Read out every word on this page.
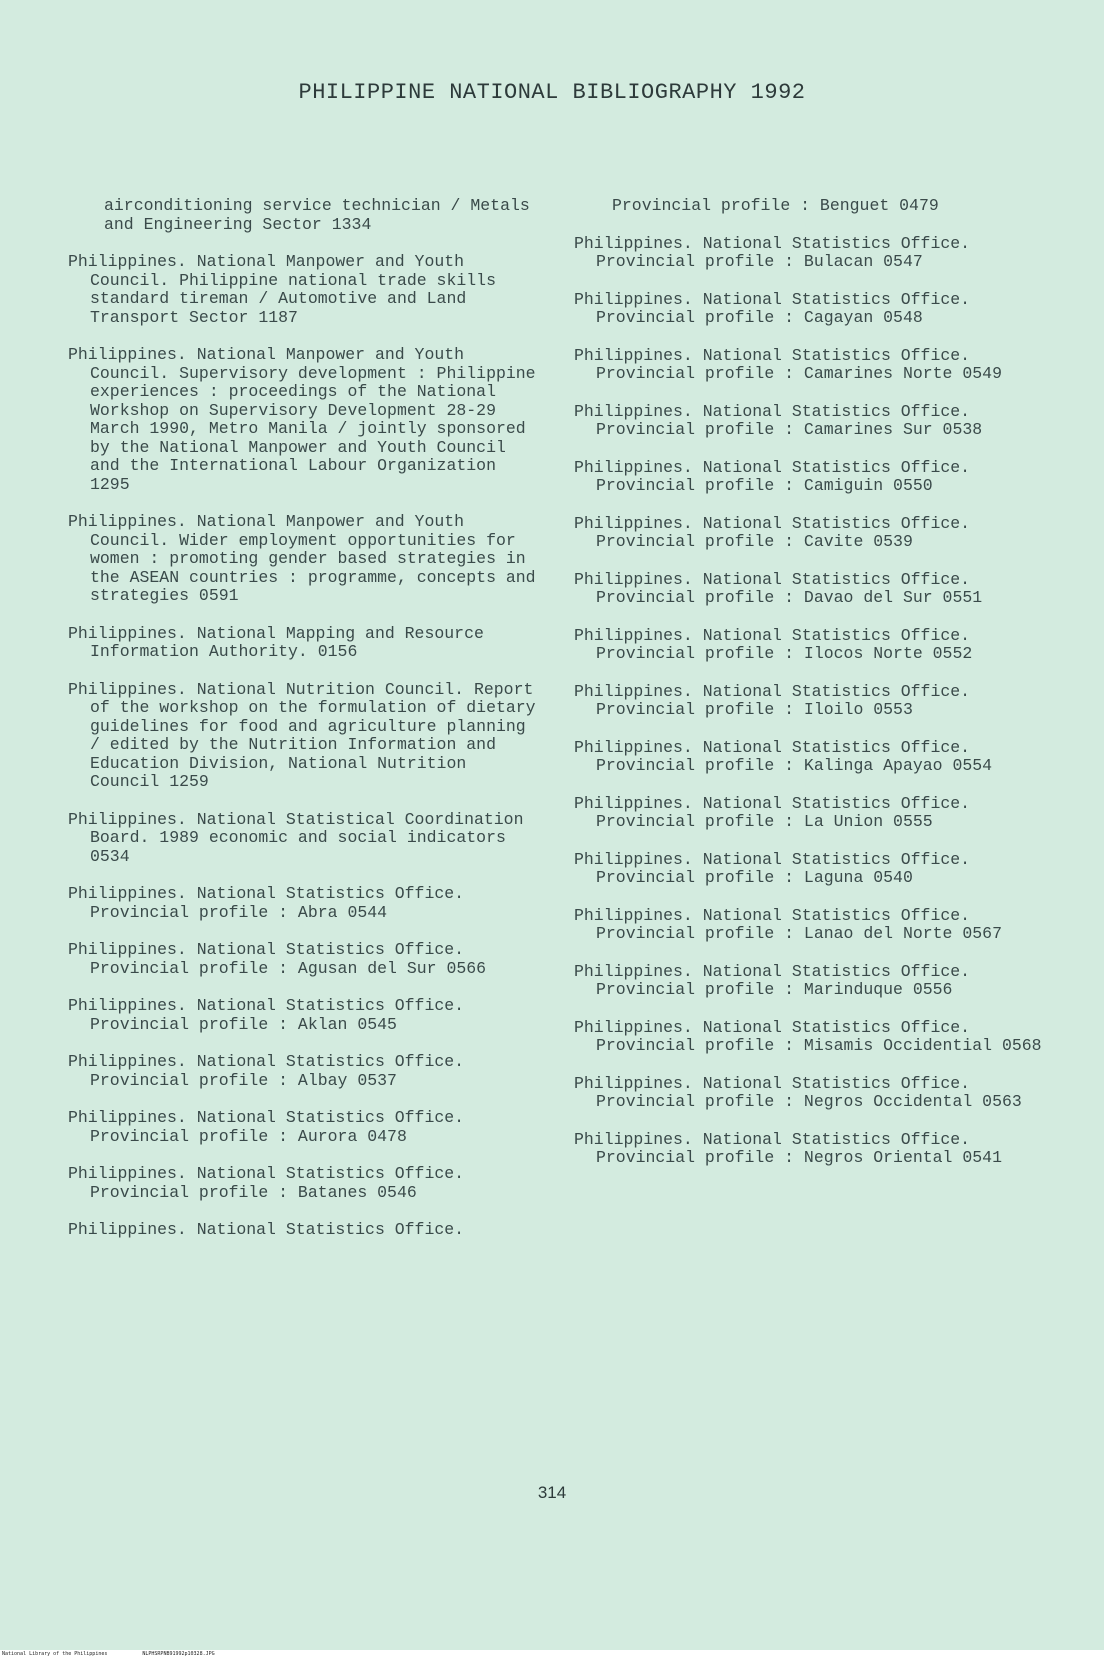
PHILIPPINE NATIONAL BIBLIOGRAPHY 1992

airconditioning service technician / Metals and Engineering Sector 1334

Philippines. National Manpower and Youth Council. Philippine national trade skills standard tireman / Automotive and Land Transport Sector 1187

Philippines. National Manpower and Youth Council. Supervisory development : Philippine experiences : proceedings of the National Workshop on Supervisory Development 28-29 March 1990, Metro Manila / jointly sponsored by the National Manpower and Youth Council and the International Labour Organization 1295

Philippines. National Manpower and Youth Council. Wider employment opportunities for women : promoting gender based strategies in the ASEAN countries : programme, concepts and strategies 0591

Philippines. National Mapping and Resource Information Authority. 0156

Philippines. National Nutrition Council. Report of the workshop on the formulation of dietary guidelines for food and agriculture planning / edited by the Nutrition Information and Education Division, National Nutrition Council 1259

Philippines. National Statistical Coordination Board. 1989 economic and social indicators 0534

Philippines. National Statistics Office. Provincial profile : Abra 0544

Philippines. National Statistics Office. Provincial profile : Agusan del Sur 0566

Philippines. National Statistics Office. Provincial profile : Aklan 0545

Philippines. National Statistics Office. Provincial profile : Albay 0537

Philippines. National Statistics Office. Provincial profile : Aurora 0478

Philippines. National Statistics Office. Provincial profile : Batanes 0546

Philippines. National Statistics Office.

Provincial profile : Benguet 0479

Philippines. National Statistics Office. Provincial profile : Bulacan 0547

Philippines. National Statistics Office. Provincial profile : Cagayan 0548

Philippines. National Statistics Office. Provincial profile : Camarines Norte 0549

Philippines. National Statistics Office. Provincial profile : Camarines Sur 0538

Philippines. National Statistics Office. Provincial profile : Camiguin 0550

Philippines. National Statistics Office. Provincial profile : Cavite 0539

Philippines. National Statistics Office. Provincial profile : Davao del Sur 0551

Philippines. National Statistics Office. Provincial profile : Ilocos Norte 0552

Philippines. National Statistics Office. Provincial profile : Iloilo 0553

Philippines. National Statistics Office. Provincial profile : Kalinga Apayao 0554

Philippines. National Statistics Office. Provincial profile : La Union 0555

Philippines. National Statistics Office. Provincial profile : Laguna 0540

Philippines. National Statistics Office. Provincial profile : Lanao del Norte 0567

Philippines. National Statistics Office. Provincial profile : Marinduque 0556

Philippines. National Statistics Office. Provincial profile : Misamis Occidential 0568

Philippines. National Statistics Office. Provincial profile : Negros Occidental 0563

Philippines. National Statistics Office. Provincial profile : Negros Oriental 0541

314
National Library of the Philippines	NLPHSRPNB91992p10328.JPG
